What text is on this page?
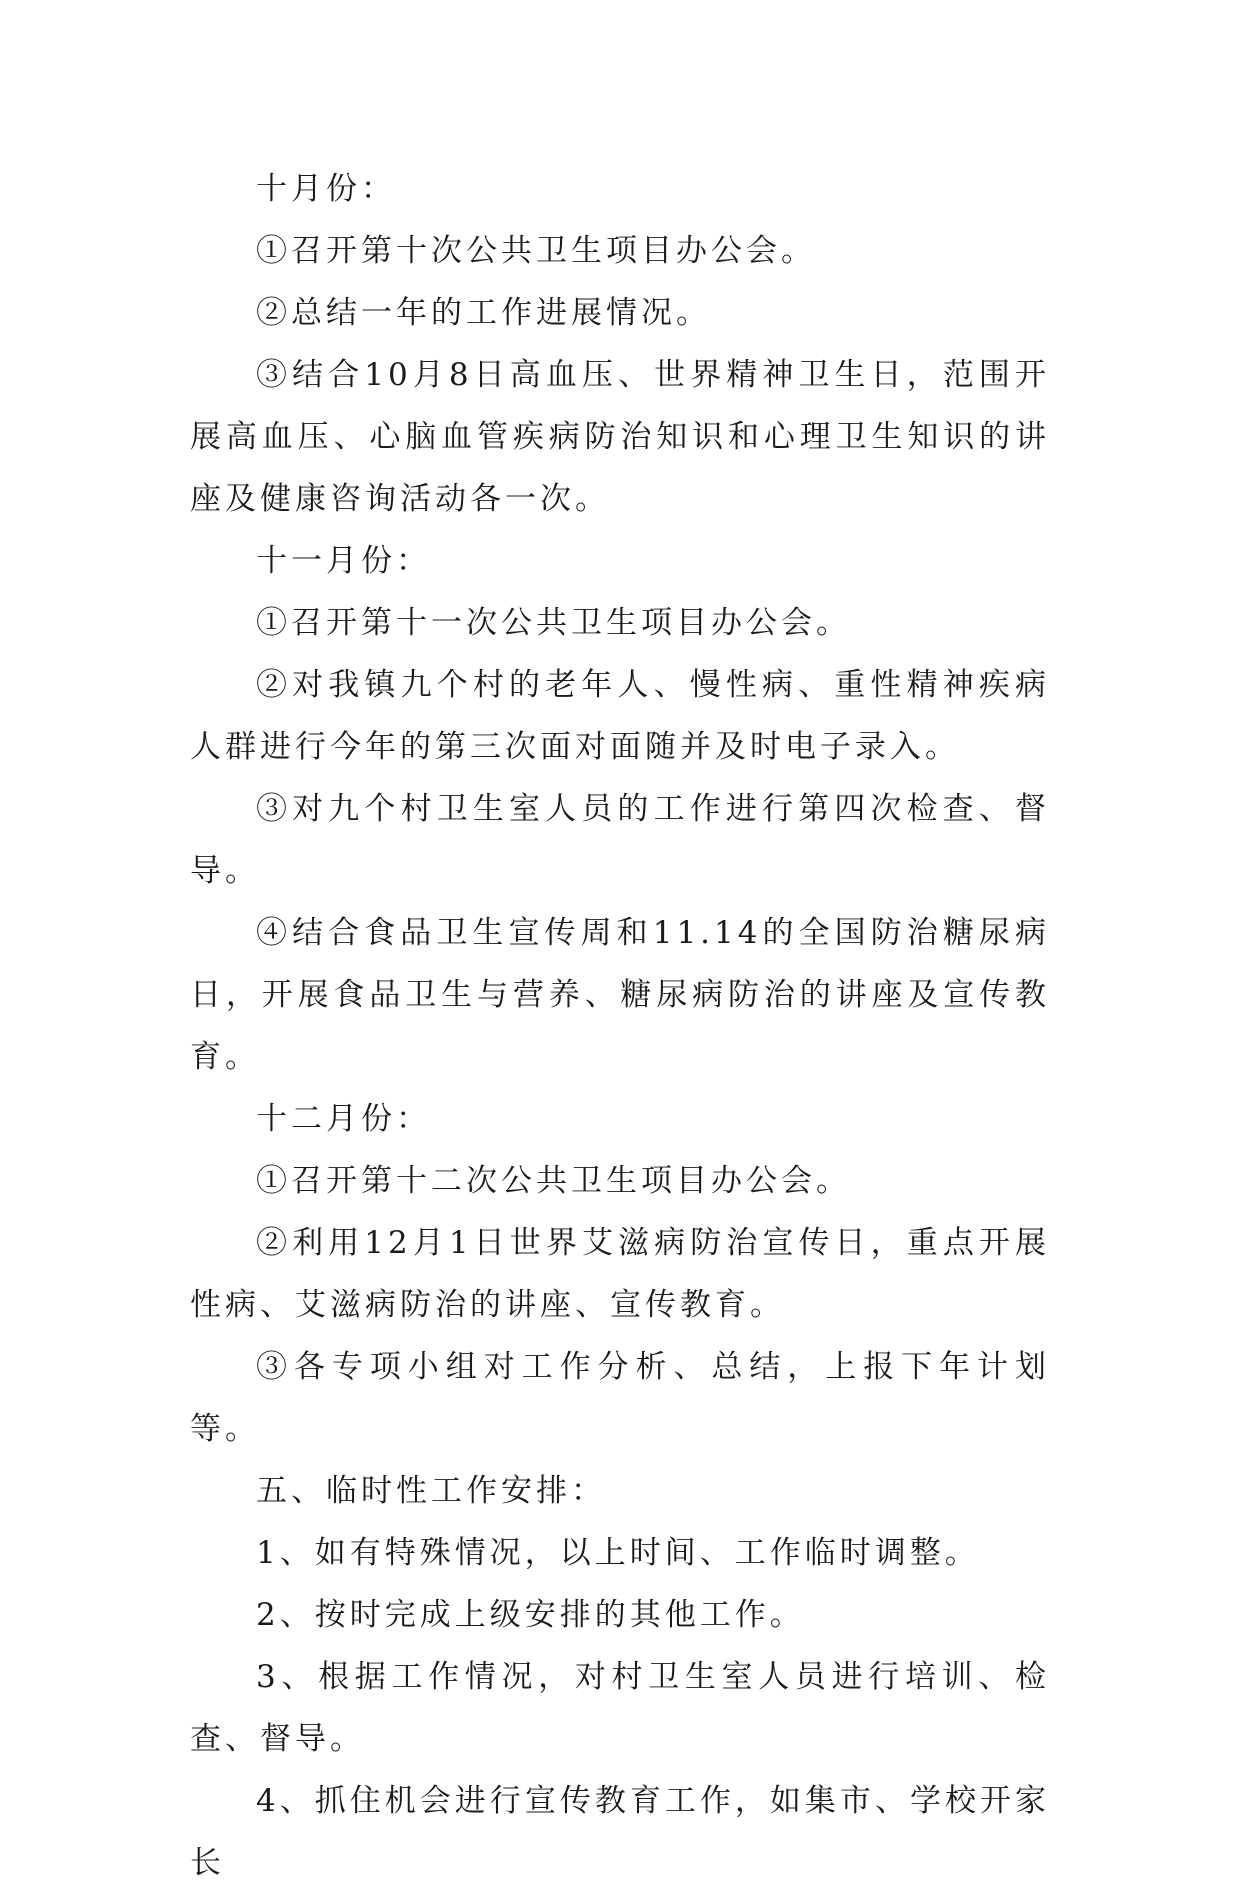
十月份：

①召开第十次公共卫生项目办公会。

②总结一年的工作进展情况。

③结合10月8日高血压、世界精神卫生日，范围开展高血压、心脑血管疾病防治知识和心理卫生知识的讲座及健康咨询活动各一次。

十一月份：

①召开第十一次公共卫生项目办公会。

②对我镇九个村的老年人、慢性病、重性精神疾病人群进行今年的第三次面对面随并及时电子录入。

③对九个村卫生室人员的工作进行第四次检查、督导。

④结合食品卫生宣传周和11.14的全国防治糖尿病日，开展食品卫生与营养、糖尿病防治的讲座及宣传教育。

十二月份：

①召开第十二次公共卫生项目办公会。

②利用12月1日世界艾滋病防治宣传日，重点开展性病、艾滋病防治的讲座、宣传教育。

③各专项小组对工作分析、总结，上报下年计划等。

五、临时性工作安排：

1、如有特殊情况，以上时间、工作临时调整。

2、按时完成上级安排的其他工作。

3、根据工作情况，对村卫生室人员进行培训、检查、督导。

4、抓住机会进行宣传教育工作，如集市、学校开家长
